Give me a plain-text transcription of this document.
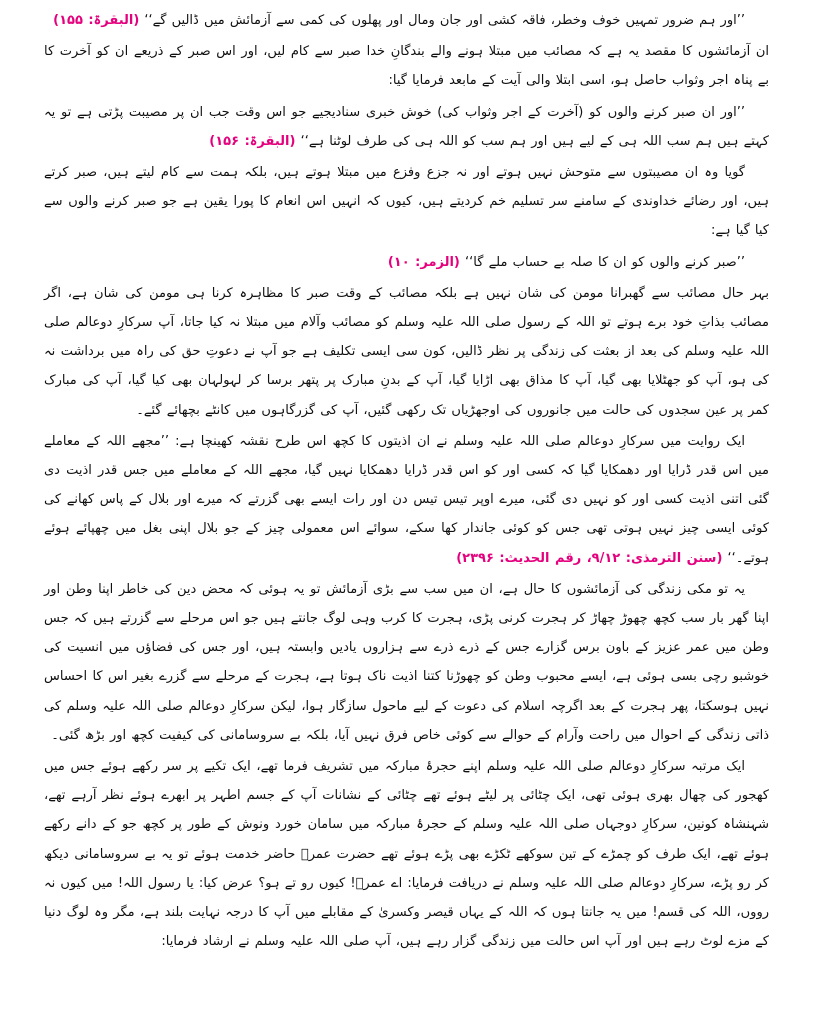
’’اور ہم ضرور تمہیں خوف وخطر، فاقہ کشی اور جان ومال اور پھلوں کی کمی سے آزمائش میں ڈالیں گے‘‘ (البقرۃ: ۱۵۵)

ان آزمائشوں کا مقصد یہ ہے کہ مصائب میں مبتلا ہونے والے بندگانِ خدا صبر سے کام لیں، اور اس صبر کے ذریعے ان کو آخرت کا بے پناہ اجر وثواب حاصل ہو، اسی ابتلا والی آیت کے مابعد فرمایا گیا:

’’اور ان صبر کرنے والوں کو (آخرت کے اجر وثواب کی) خوش خبری سنادیجیے جو اس وقت جب ان پر مصیبت پڑتی ہے تو یہ کہتے ہیں ہم سب اللہ ہی کے لیے ہیں اور ہم سب کو اللہ ہی کی طرف لوٹنا ہے‘‘ (البقرۃ: ۱۵۶)

گویا وہ ان مصیبتوں سے متوحش نہیں ہوتے اور نہ جزع وفزع میں مبتلا ہوتے ہیں، بلکہ ہمت سے کام لیتے ہیں، صبر کرتے ہیں، اور رضائے خداوندی کے سامنے سر تسلیم خم کردیتے ہیں، کیوں کہ انہیں اس انعام کا پورا یقین ہے جو صبر کرنے والوں سے کیا گیا ہے:

’’صبر کرنے والوں کو ان کا صلہ بے حساب ملے گا‘‘ (الزمر: ۱۰)

بہر حال مصائب سے گھبرانا مومن کی شان نہیں ہے بلکہ مصائب کے وقت صبر کا مظاہرہ کرنا ہی مومن کی شان ہے، اگر مصائب بذاتِ خود برے ہوتے تو اللہ کے رسول صلی اللہ علیہ وسلم کو مصائب وآلام میں مبتلا نہ کیا جاتا، آپ سرکارِ دوعالم صلی اللہ علیہ وسلم کی بعد از بعثت کی زندگی پر نظر ڈالیں، کون سی ایسی تکلیف ہے جو آپ نے دعوتِ حق کی راہ میں برداشت نہ کی ہو، آپ کو جھٹلایا بھی گیا، آپ کا مذاق بھی اڑایا گیا، آپ کے بدنِ مبارک پر پتھر برسا کر لہولہان بھی کیا گیا، آپ کی مبارک کمر پر عین سجدوں کی حالت میں جانوروں کی اوجھڑیاں تک رکھی گئیں، آپ کی گزرگاہوں میں کانٹے بچھائے گئے۔

ایک روایت میں سرکارِ دوعالم صلی اللہ علیہ وسلم نے ان اذیتوں کا کچھ اس طرح نقشہ کھینچا ہے: ’’مجھے اللہ کے معاملے میں اس قدر ڈرایا اور دھمکایا گیا کہ کسی اور کو اس قدر ڈرایا دھمکایا نہیں گیا، مجھے اللہ کے معاملے میں جس قدر اذیت دی گئی اتنی اذیت کسی اور کو نہیں دی گئی، میرے اوپر تیس تیس دن اور رات ایسے بھی گزرتے کہ میرے اور بلال کے پاس کھانے کی کوئی ایسی چیز نہیں ہوتی تھی جس کو کوئی جاندار کھا سکے، سوائے اس معمولی چیز کے جو بلال اپنی بغل میں چھپائے ہوئے ہوتے۔‘‘ (سنن الترمذی: ۹/۱۲، رقم الحدیث: ۲۳۹۶)

یہ تو مکی زندگی کی آزمائشوں کا حال ہے، ان میں سب سے بڑی آزمائش تو یہ ہوئی کہ محض دین کی خاطر اپنا وطن اور اپنا گھر بار سب کچھ چھوڑ چھاڑ کر ہجرت کرنی پڑی، ہجرت کا کرب وہی لوگ جانتے ہیں جو اس مرحلے سے گزرتے ہیں کہ جس وطن میں عمر عزیز کے باون برس گزارے جس کے ذرے ذرے سے ہزاروں یادیں وابستہ ہیں، اور جس کی فضاؤں میں انسیت کی خوشبو رچی بسی ہوئی ہے، ایسے محبوب وطن کو چھوڑنا کتنا اذیت ناک ہوتا ہے، ہجرت کے مرحلے سے گزرے بغیر اس کا احساس نہیں ہوسکتا، پھر ہجرت کے بعد اگرچہ اسلام کی دعوت کے لیے ماحول سازگار ہوا، لیکن سرکارِ دوعالم صلی اللہ علیہ وسلم کی ذاتی زندگی کے احوال میں راحت وآرام کے حوالے سے کوئی خاص فرق نہیں آیا، بلکہ بے سروسامانی کی کیفیت کچھ اور بڑھ گئی۔

ایک مرتبہ سرکارِ دوعالم صلی اللہ علیہ وسلم اپنے حجرۂ مبارکہ میں تشریف فرما تھے، ایک تکیے پر سر رکھے ہوئے جس میں کھجور کی چھال بھری ہوئی تھی، ایک چٹائی پر لیٹے ہوئے تھے چٹائی کے نشانات آپ کے جسم اطہر پر ابھرے ہوئے نظر آرہے تھے، شہنشاہ کونین، سرکارِ دوجہاں صلی اللہ علیہ وسلم کے حجرۂ مبارکہ میں سامان خورد ونوش کے طور پر کچھ جو کے دانے رکھے ہوئے تھے، ایک طرف کو چمڑے کے تین سوکھے ٹکڑے بھی پڑے ہوئے تھے حضرت عمرؓ حاضر خدمت ہوئے تو یہ بے سروسامانی دیکھ کر رو پڑے، سرکارِ دوعالم صلی اللہ علیہ وسلم نے دریافت فرمایا: اے عمرؓ! کیوں رو تے ہو؟ عرض کیا: یا رسول اللہ! میں کیوں نہ رووں، اللہ کی قسم! میں یہ جانتا ہوں کہ اللہ کے یہاں قیصر وکسریٰ کے مقابلے میں آپ کا درجہ نہایت بلند ہے، مگر وہ لوگ دنیا کے مزے لوٹ رہے ہیں اور آپ اس حالت میں زندگی گزار رہے ہیں، آپ صلی اللہ علیہ وسلم نے ارشاد فرمایا:
